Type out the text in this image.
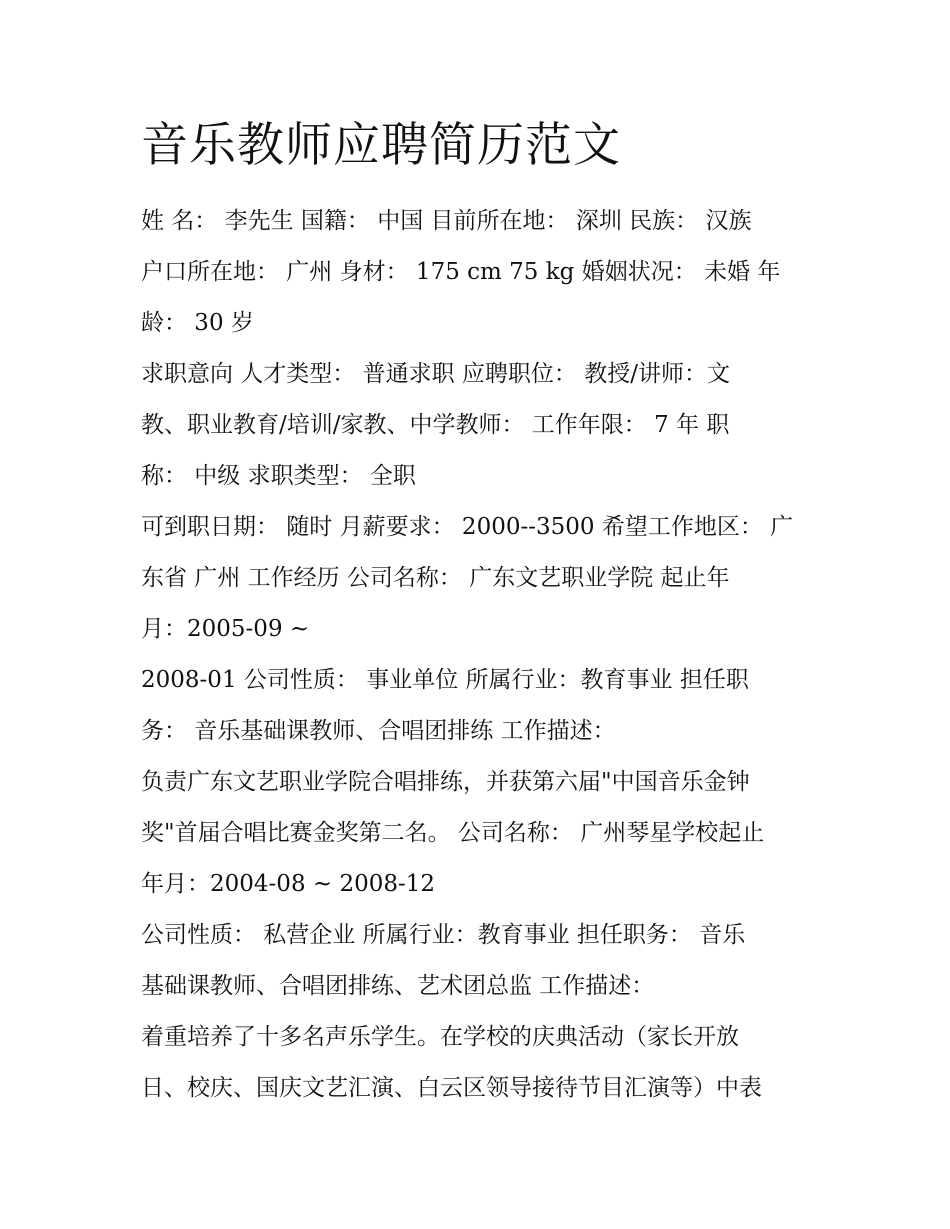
音乐教师应聘简历范文
姓 名： 李先生 国籍： 中国 目前所在地： 深圳 民族： 汉族
户口所在地： 广州 身材： 175 cm 75 kg 婚姻状况： 未婚 年
龄： 30 岁
求职意向 人才类型： 普通求职 应聘职位： 教授/讲师：文
教、职业教育/培训/家教、中学教师： 工作年限： 7 年 职
称： 中级 求职类型： 全职
可到职日期： 随时 月薪要求： 2000--3500 希望工作地区： 广
东省 广州 工作经历 公司名称： 广东文艺职业学院 起止年
月：2005-09 ~
2008-01 公司性质： 事业单位 所属行业：教育事业 担任职
务： 音乐基础课教师、合唱团排练 工作描述：
负责广东文艺职业学院合唱排练，并获第六届"中国音乐金钟
奖"首届合唱比赛金奖第二名。 公司名称： 广州琴星学校起止
年月：2004-08 ~ 2008-12
公司性质： 私营企业 所属行业：教育事业 担任职务： 音乐
基础课教师、合唱团排练、艺术团总监 工作描述：
着重培养了十多名声乐学生。在学校的庆典活动（家长开放
日、校庆、国庆文艺汇演、白云区领导接待节目汇演等）中表
